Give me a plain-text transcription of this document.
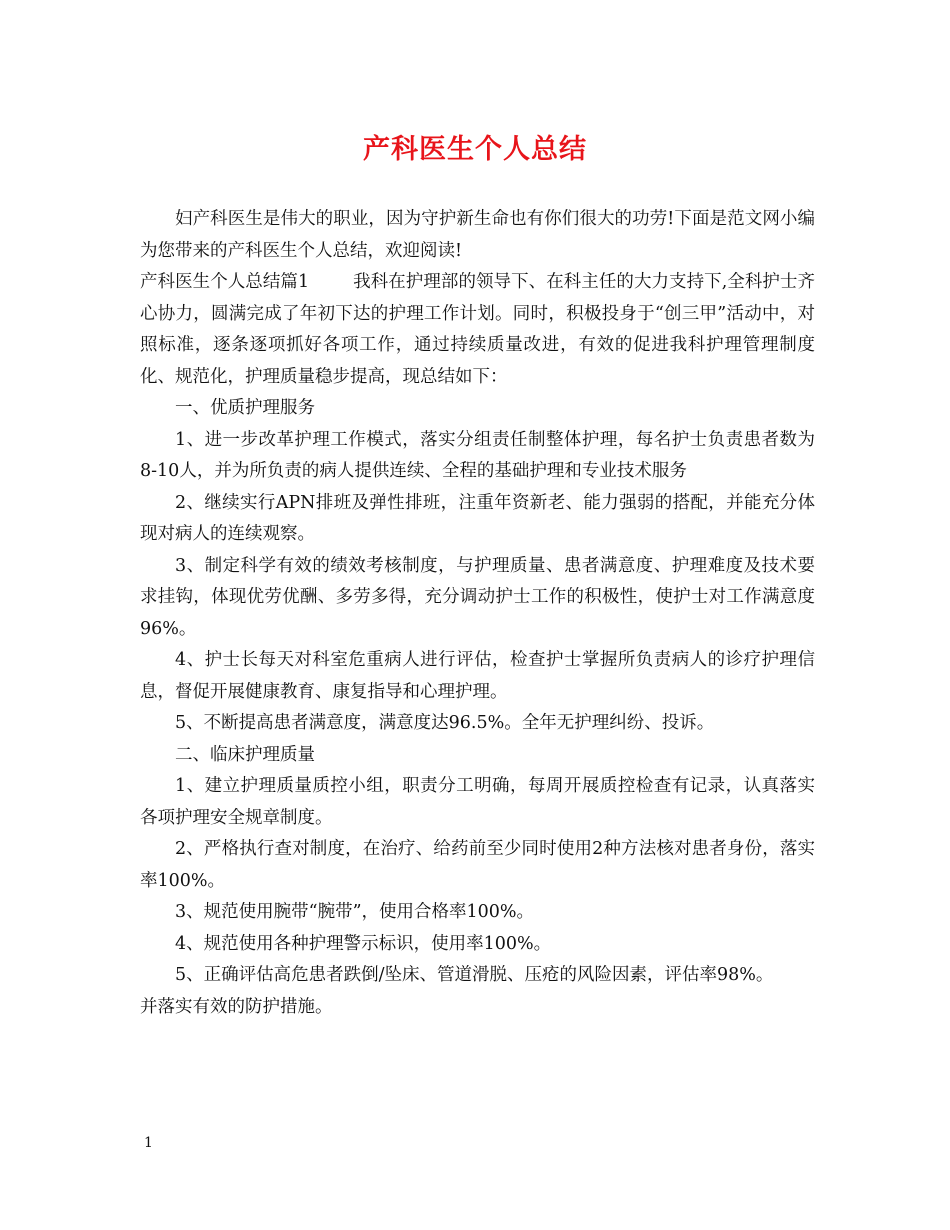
产科医生个人总结

妇产科医生是伟大的职业，因为守护新生命也有你们很大的功劳!下面是范文网小编为您带来的产科医生个人总结，欢迎阅读!

产科医生个人总结篇1	我科在护理部的领导下、在科主任的大力支持下,全科护士齐心协力，圆满完成了年初下达的护理工作计划。同时，积极投身于“创三甲”活动中，对照标准，逐条逐项抓好各项工作，通过持续质量改进，有效的促进我科护理管理制度化、规范化，护理质量稳步提高，现总结如下：

一、优质护理服务

1、进一步改革护理工作模式，落实分组责任制整体护理，每名护士负责患者数为8-10人，并为所负责的病人提供连续、全程的基础护理和专业技术服务

2、继续实行APN排班及弹性排班，注重年资新老、能力强弱的搭配，并能充分体现对病人的连续观察。

3、制定科学有效的绩效考核制度，与护理质量、患者满意度、护理难度及技术要求挂钩，体现优劳优酬、多劳多得，充分调动护士工作的积极性，使护士对工作满意度96%。

4、护士长每天对科室危重病人进行评估，检查护士掌握所负责病人的诊疗护理信息，督促开展健康教育、康复指导和心理护理。

5、不断提高患者满意度，满意度达96.5%。全年无护理纠纷、投诉。

二、临床护理质量

1、建立护理质量质控小组，职责分工明确，每周开展质控检查有记录，认真落实各项护理安全规章制度。

2、严格执行查对制度，在治疗、给药前至少同时使用2种方法核对患者身份，落实率100%。

3、规范使用腕带“腕带”，使用合格率100%。

4、规范使用各种护理警示标识，使用率100%。

5、正确评估高危患者跌倒/坠床、管道滑脱、压疮的风险因素，评估率98%。

并落实有效的防护措施。

1
